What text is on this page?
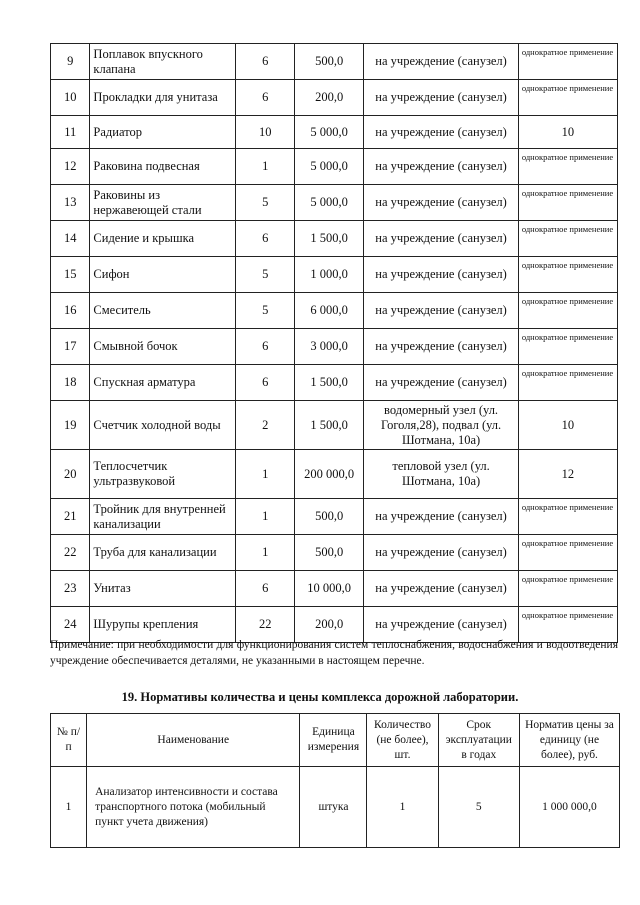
9	Поплавок впускного клапана	6	500,0	на учреждение (санузел)	однократное применение
10	Прокладки для унитаза	6	200,0	на учреждение (санузел)	однократное применение
11	Радиатор	10	5 000,0	на учреждение (санузел)	10
12	Раковина подвесная	1	5 000,0	на учреждение (санузел)	однократное применение
13	Раковины из нержавеющей стали	5	5 000,0	на учреждение (санузел)	однократное применение
14	Сидение и крышка	6	1 500,0	на учреждение (санузел)	однократное применение
15	Сифон	5	1 000,0	на учреждение (санузел)	однократное применение
16	Смеситель	5	6 000,0	на учреждение (санузел)	однократное применение
17	Смывной бочок	6	3 000,0	на учреждение (санузел)	однократное применение
18	Спускная арматура	6	1 500,0	на учреждение (санузел)	однократное применение
19	Счетчик холодной воды	2	1 500,0	водомерный узел (ул. Гоголя,28), подвал (ул. Шотмана, 10а)	10
20	Теплосчетчик ультразвуковой	1	200 000,0	тепловой узел (ул. Шотмана, 10а)	12
21	Тройник для внутренней канализации	1	500,0	на учреждение (санузел)	однократное применение
22	Труба для канализации	1	500,0	на учреждение (санузел)	однократное применение
23	Унитаз	6	10 000,0	на учреждение (санузел)	однократное применение
24	Шурупы крепления	22	200,0	на учреждение (санузел)	однократное применение

Примечание: при необходимости для функционирования систем теплоснабжения, водоснабжения и водоотведения учреждение обеспечивается деталями, не указанными в настоящем перечне.

19. Нормативы количества и цены комплекса дорожной лаборатории.

№ п/п	Наименование	Единица измерения	Количество (не более), шт.	Срок эксплуатации в годах	Норматив цены за единицу (не более), руб.
1	Анализатор интенсивности и состава транспортного потока (мобильный пункт учета движения)	штука	1	5	1 000 000,0
